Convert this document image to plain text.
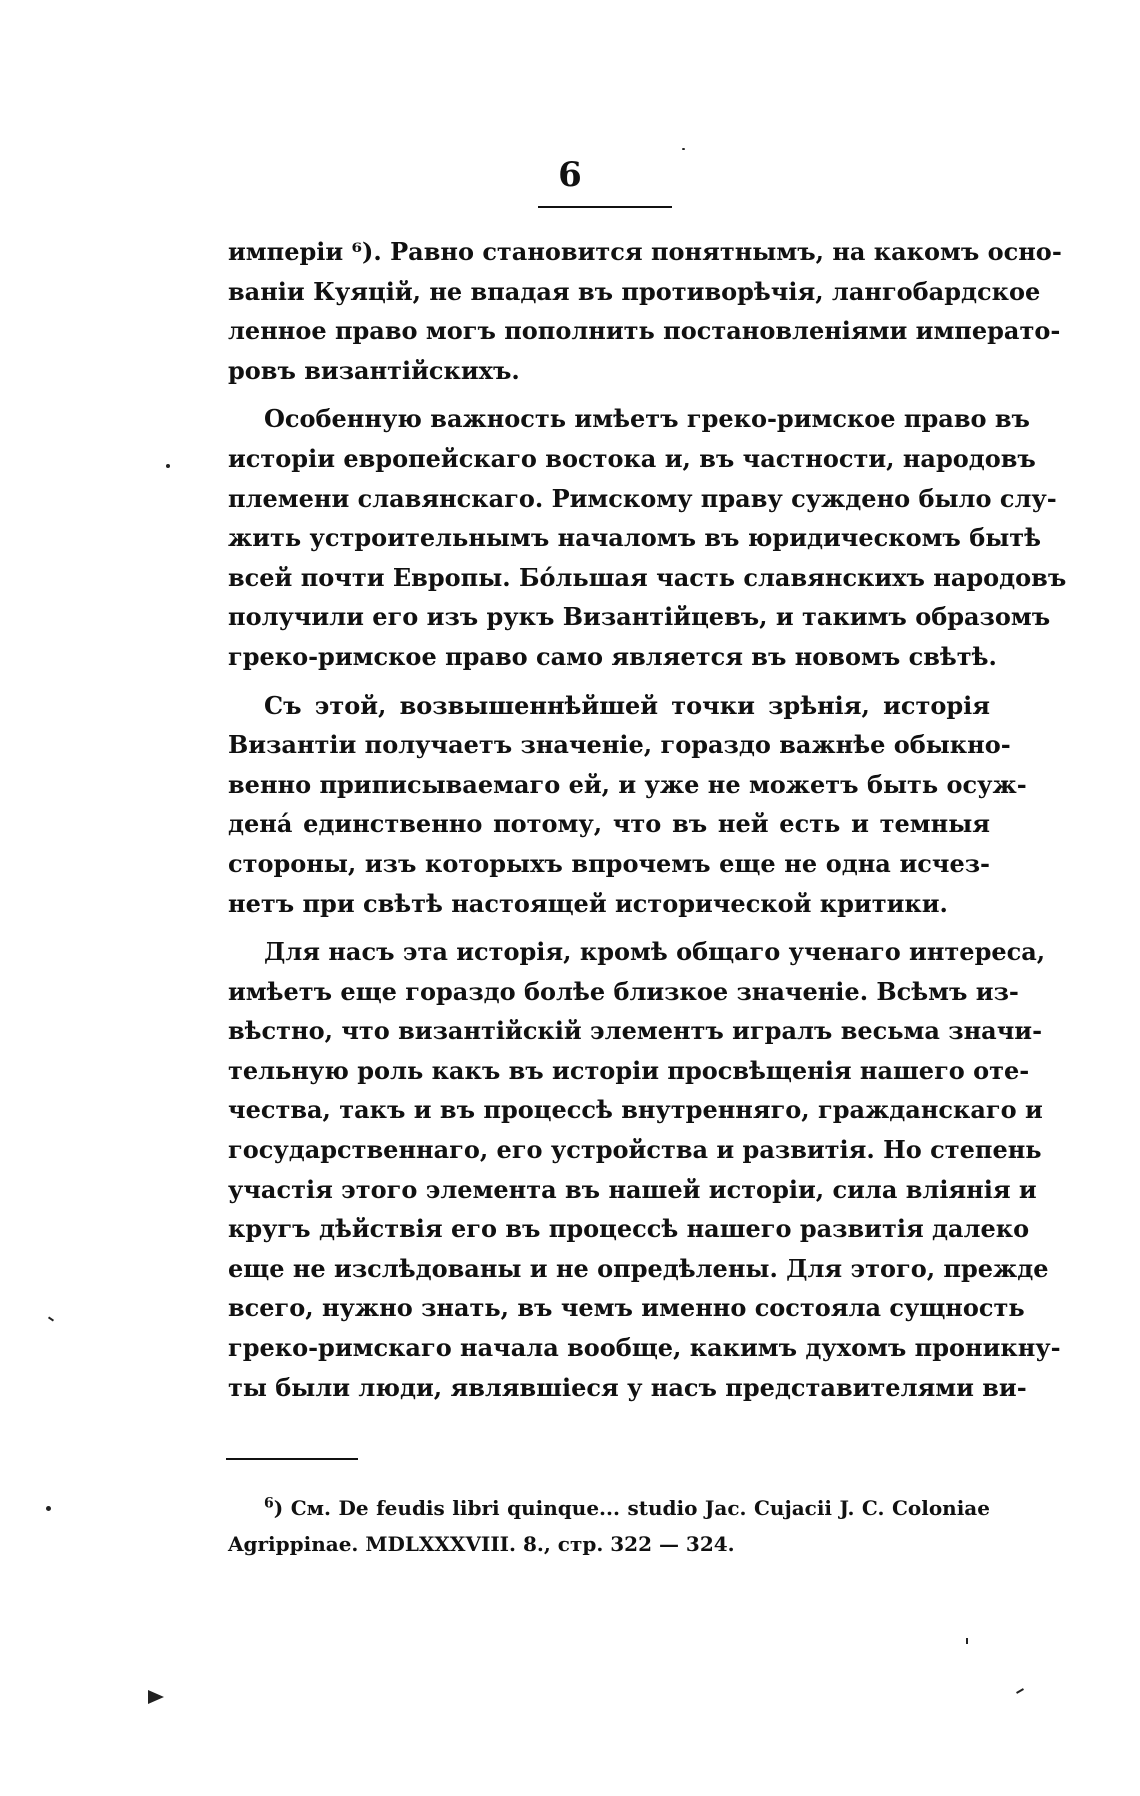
6

имперіи ⁶). Равно становится понятнымъ, на какомъ осно-
ваніи Куяцій, не впадая въ противорѣчія, лангобардское
ленное право могъ пополнить постановленіями императо-
ровъ византійскихъ.

Особенную важность имѣетъ греко-римское право въ
исторіи европейскаго востока и, въ частности, народовъ
племени славянскаго. Римскому праву суждено было слу-
жить устроительнымъ началомъ въ юридическомъ бытѣ
всей почти Европы. Бо́льшая часть славянскихъ народовъ
получили его изъ рукъ Византійцевъ, и такимъ образомъ
греко-римское право само является въ новомъ свѣтѣ.

Съ этой, возвышеннѣйшей точки зрѣнія, исторія
Византіи получаетъ значеніе, гораздо важнѣе обыкно-
венно приписываемаго ей, и уже не можетъ быть осуж-
дена́ единственно потому, что въ ней есть и темныя
стороны, изъ которыхъ впрочемъ еще не одна исчез-
нетъ при свѣтѣ настоящей исторической критики.

Для насъ эта исторія, кромѣ общаго ученаго интереса,
имѣетъ еще гораздо болѣе близкое значеніе. Всѣмъ из-
вѣстно, что византійскій элементъ игралъ весьма значи-
тельную роль какъ въ исторіи просвѣщенія нашего оте-
чества, такъ и въ процессѣ внутренняго, гражданскаго и
государственнаго, его устройства и развитія. Но степень
участія этого элемента въ нашей исторіи, сила вліянія и
кругъ дѣйствія его въ процессѣ нашего развитія далеко
еще не изслѣдованы и не опредѣлены. Для этого, прежде
всего, нужно знать, въ чемъ именно состояла сущность
греко-римскаго начала вообще, какимъ духомъ проникну-
ты были люди, являвшіеся у насъ представителями ви-

$^6$) См. De feudis libri quinque... studio Jac. Cujacii J. C. Coloniae
Agrippinae. MDLXXXVIII. 8., стр. 322 — 324.
